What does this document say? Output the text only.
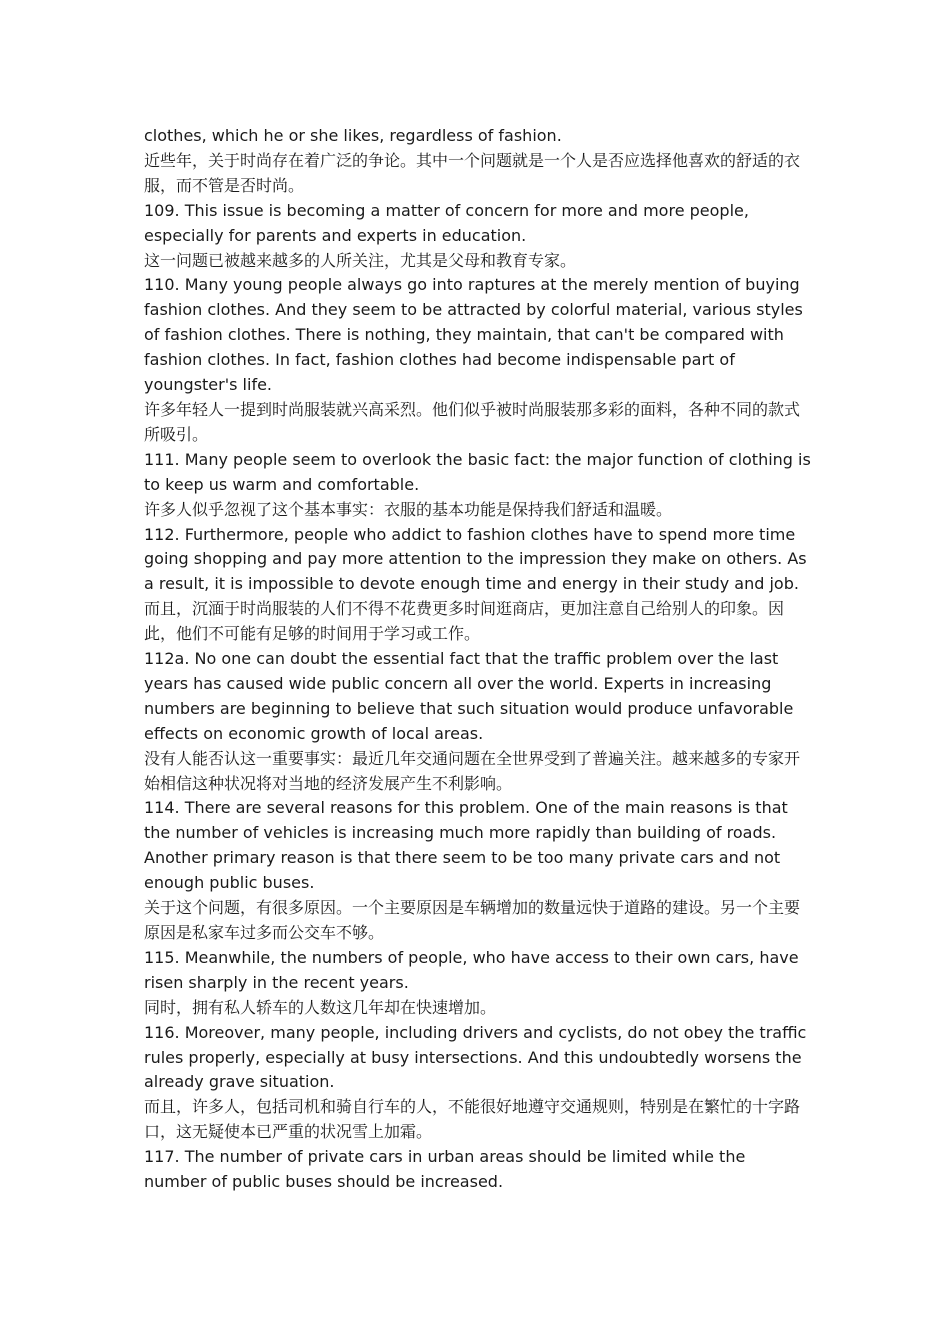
clothes, which he or she likes, regardless of fashion.

近些年，关于时尚存在着广泛的争论。其中一个问题就是一个人是否应选择他喜欢的舒适的衣服，而不管是否时尚。

109. This issue is becoming a matter of concern for more and more people, especially for parents and experts in education.

这一问题已被越来越多的人所关注，尤其是父母和教育专家。

110. Many young people always go into raptures at the merely mention of buying fashion clothes. And they seem to be attracted by colorful material, various styles of fashion clothes. There is nothing, they maintain, that can't be compared with fashion clothes. In fact, fashion clothes had become indispensable part of youngster's life.

许多年轻人一提到时尚服装就兴高采烈。他们似乎被时尚服装那多彩的面料，各种不同的款式所吸引。

111. Many people seem to overlook the basic fact: the major function of clothing is to keep us warm and comfortable.

许多人似乎忽视了这个基本事实：衣服的基本功能是保持我们舒适和温暖。

112. Furthermore, people who addict to fashion clothes have to spend more time going shopping and pay more attention to the impression they make on others. As a result, it is impossible to devote enough time and energy in their study and job.

而且，沉湎于时尚服装的人们不得不花费更多时间逛商店，更加注意自己给别人的印象。因此，他们不可能有足够的时间用于学习或工作。

112a. No one can doubt the essential fact that the traffic problem over the last years has caused wide public concern all over the world. Experts in increasing numbers are beginning to believe that such situation would produce unfavorable effects on economic growth of local areas.

没有人能否认这一重要事实：最近几年交通问题在全世界受到了普遍关注。越来越多的专家开始相信这种状况将对当地的经济发展产生不利影响。

114. There are several reasons for this problem. One of the main reasons is that the number of vehicles is increasing much more rapidly than building of roads. Another primary reason is that there seem to be too many private cars and not enough public buses.

关于这个问题，有很多原因。一个主要原因是车辆增加的数量远快于道路的建设。另一个主要原因是私家车过多而公交车不够。

115. Meanwhile, the numbers of people, who have access to their own cars, have risen sharply in the recent years.

同时，拥有私人轿车的人数这几年却在快速增加。

116. Moreover, many people, including drivers and cyclists, do not obey the traffic rules properly, especially at busy intersections. And this undoubtedly worsens the already grave situation.

而且，许多人，包括司机和骑自行车的人，不能很好地遵守交通规则，特别是在繁忙的十字路口，这无疑使本已严重的状况雪上加霜。

117. The number of private cars in urban areas should be limited while the number of public buses should be increased.
